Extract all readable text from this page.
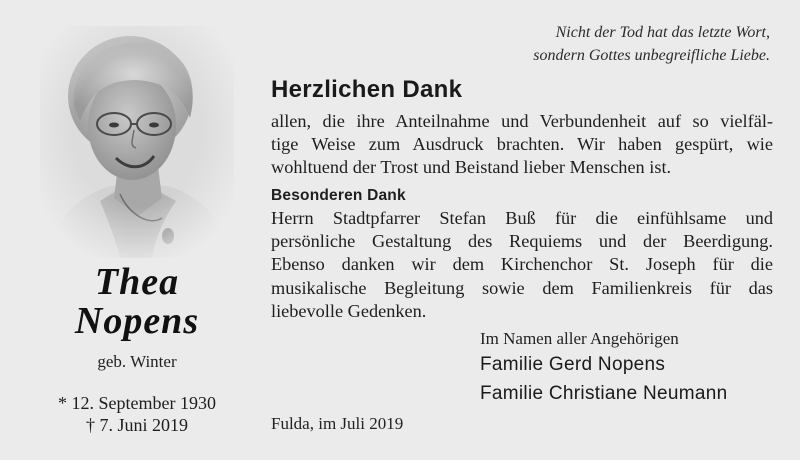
Nicht der Tod hat das letzte Wort,
sondern Gottes unbegreifliche Liebe.
Thea
Nopens
geb. Winter
* 12. September 1930
† 7. Juni 2019
Herzlichen Dank
allen, die ihre Anteilnahme und Verbundenheit auf so vielfäl-
tige Weise zum Ausdruck brachten. Wir haben gespürt, wie
wohltuend der Trost und Beistand lieber Menschen ist.
Besonderen Dank
Herrn Stadtpfarrer Stefan Buß für die einfühlsame und
persönliche Gestaltung des Requiems und der Beerdigung.
Ebenso danken wir dem Kirchenchor St. Joseph für die
musikalische Begleitung sowie dem Familienkreis für das
liebevolle Gedenken.
Im Namen aller Angehörigen
Familie Gerd Nopens
Familie Christiane Neumann
Fulda, im Juli 2019
